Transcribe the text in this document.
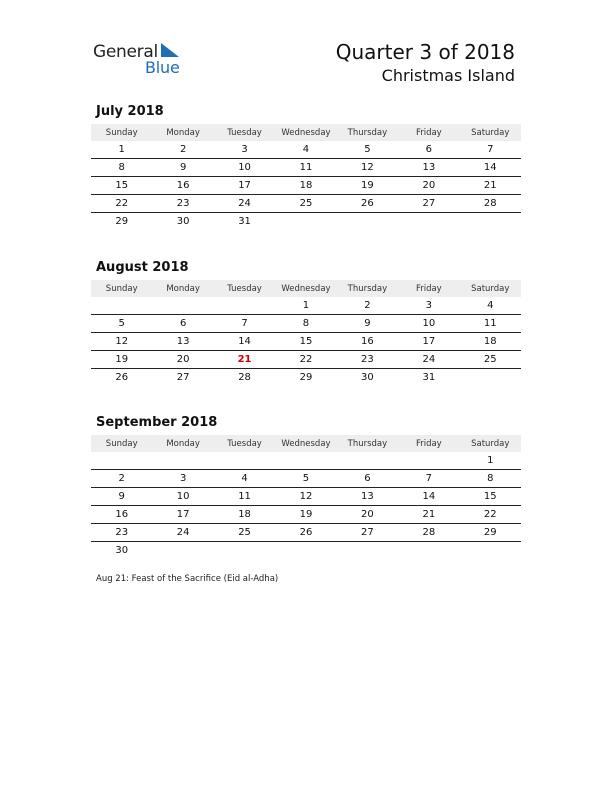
General
Blue
Quarter 3 of 2018
Christmas Island
July 2018
Sunday	Monday	Tuesday	Wednesday	Thursday	Friday	Saturday
1	2	3	4	5	6	7
8	9	10	11	12	13	14
15	16	17	18	19	20	21
22	23	24	25	26	27	28
29	30	31				
August 2018
Sunday	Monday	Tuesday	Wednesday	Thursday	Friday	Saturday
			1	2	3	4
5	6	7	8	9	10	11
12	13	14	15	16	17	18
19	20	21	22	23	24	25
26	27	28	29	30	31	
September 2018
Sunday	Monday	Tuesday	Wednesday	Thursday	Friday	Saturday
						1
2	3	4	5	6	7	8
9	10	11	12	13	14	15
16	17	18	19	20	21	22
23	24	25	26	27	28	29
30						
Aug 21: Feast of the Sacrifice (Eid al-Adha)
